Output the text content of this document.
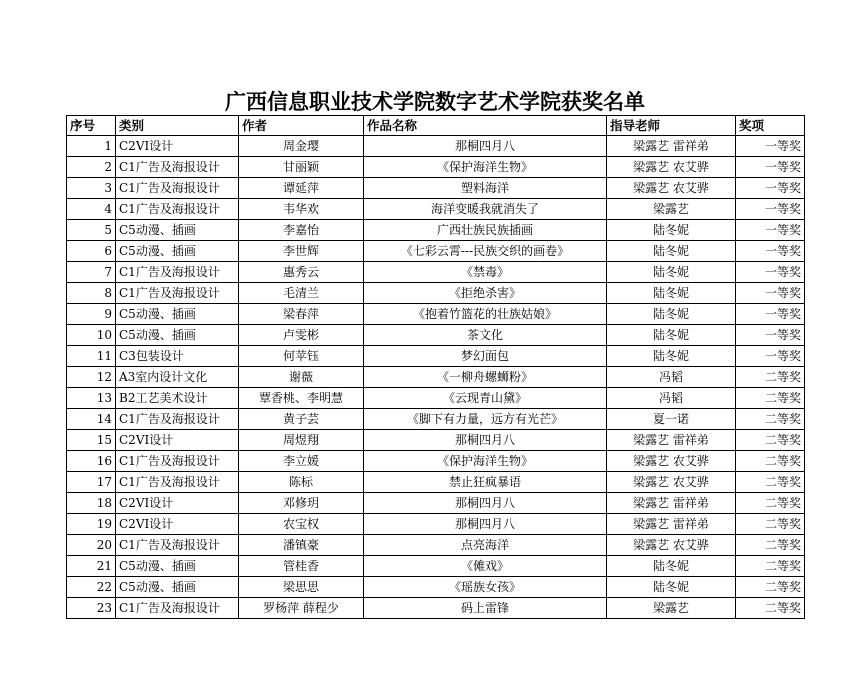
广西信息职业技术学院数字艺术学院获奖名单
序号	类别	作者	作品名称	指导老师	奖项
1	C2VI设计	周金璎	那桐四月八	梁露艺 雷祥弟	一等奖
2	C1广告及海报设计	甘丽颖	《保护海洋生物》	梁露艺 农艾骅	一等奖
3	C1广告及海报设计	谭延萍	塑料海洋	梁露艺 农艾骅	一等奖
4	C1广告及海报设计	韦华欢	海洋变暖我就消失了	梁露艺	一等奖
5	C5动漫、插画	李嘉怡	广西壮族民族插画	陆冬妮	一等奖
6	C5动漫、插画	李世辉	《七彩云霄---民族交织的画卷》	陆冬妮	一等奖
7	C1广告及海报设计	惠秀云	《禁毒》	陆冬妮	一等奖
8	C1广告及海报设计	毛清兰	《拒绝杀害》	陆冬妮	一等奖
9	C5动漫、插画	梁春萍	《抱着竹篮花的壮族姑娘》	陆冬妮	一等奖
10	C5动漫、插画	卢雯彬	茶文化	陆冬妮	一等奖
11	C3包装设计	何苹钰	梦幻面包	陆冬妮	一等奖
12	A3室内设计文化	谢薇	《一柳舟螺蛳粉》	冯韬	二等奖
13	B2工艺美术设计	覃香桃、李明慧	《云现青山黛》	冯韬	二等奖
14	C1广告及海报设计	黄子芸	《脚下有力量，远方有光芒》	夏一诺	二等奖
15	C2VI设计	周煜翔	那桐四月八	梁露艺 雷祥弟	二等奖
16	C1广告及海报设计	李立媛	《保护海洋生物》	梁露艺 农艾骅	二等奖
17	C1广告及海报设计	陈标	禁止狂疯暴语	梁露艺 农艾骅	二等奖
18	C2VI设计	邓修玥	那桐四月八	梁露艺 雷祥弟	二等奖
19	C2VI设计	农宝权	那桐四月八	梁露艺 雷祥弟	二等奖
20	C1广告及海报设计	潘镇豪	点亮海洋	梁露艺 农艾骅	二等奖
21	C5动漫、插画	管桂香	《傩戏》	陆冬妮	二等奖
22	C5动漫、插画	梁思思	《瑶族女孩》	陆冬妮	二等奖
23	C1广告及海报设计	罗杨萍 薛程少	码上雷锋	梁露艺	二等奖
